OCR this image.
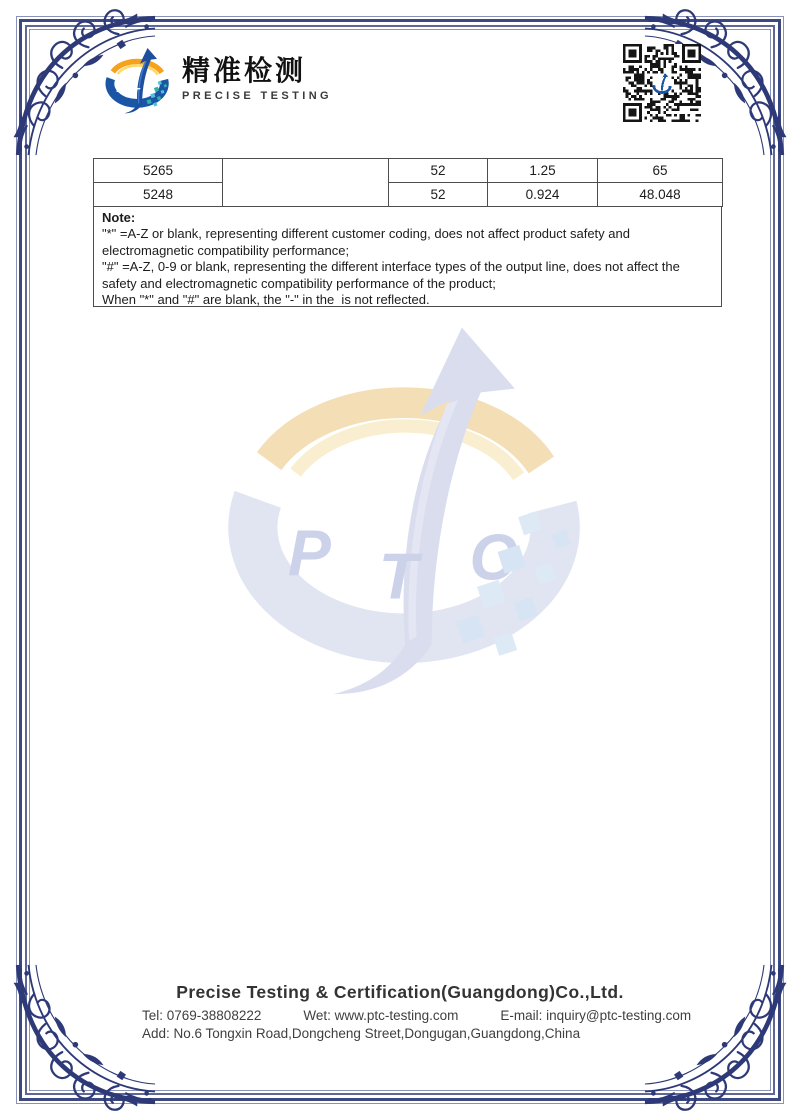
精准检测
PRECISE TESTING
5265		52	1.25	65
5248		52	0.924	48.048
Note:

"*" =A-Z or blank, representing different customer coding, does not affect product safety and electromagnetic compatibility performance;

"#" =A-Z, 0-9 or blank, representing the different interface types of the output line, does not affect the safety and electromagnetic compatibility performance of the product;

When "*" and "#" are blank, the "-" in the  is not reflected.

Precise Testing & Certification(Guangdong)Co.,Ltd.
Tel: 0769-38808222	Wet: www.ptc-testing.com	E-mail: inquiry@ptc-testing.com
Add: No.6 Tongxin Road,Dongcheng Street,Dongugan,Guangdong,China
